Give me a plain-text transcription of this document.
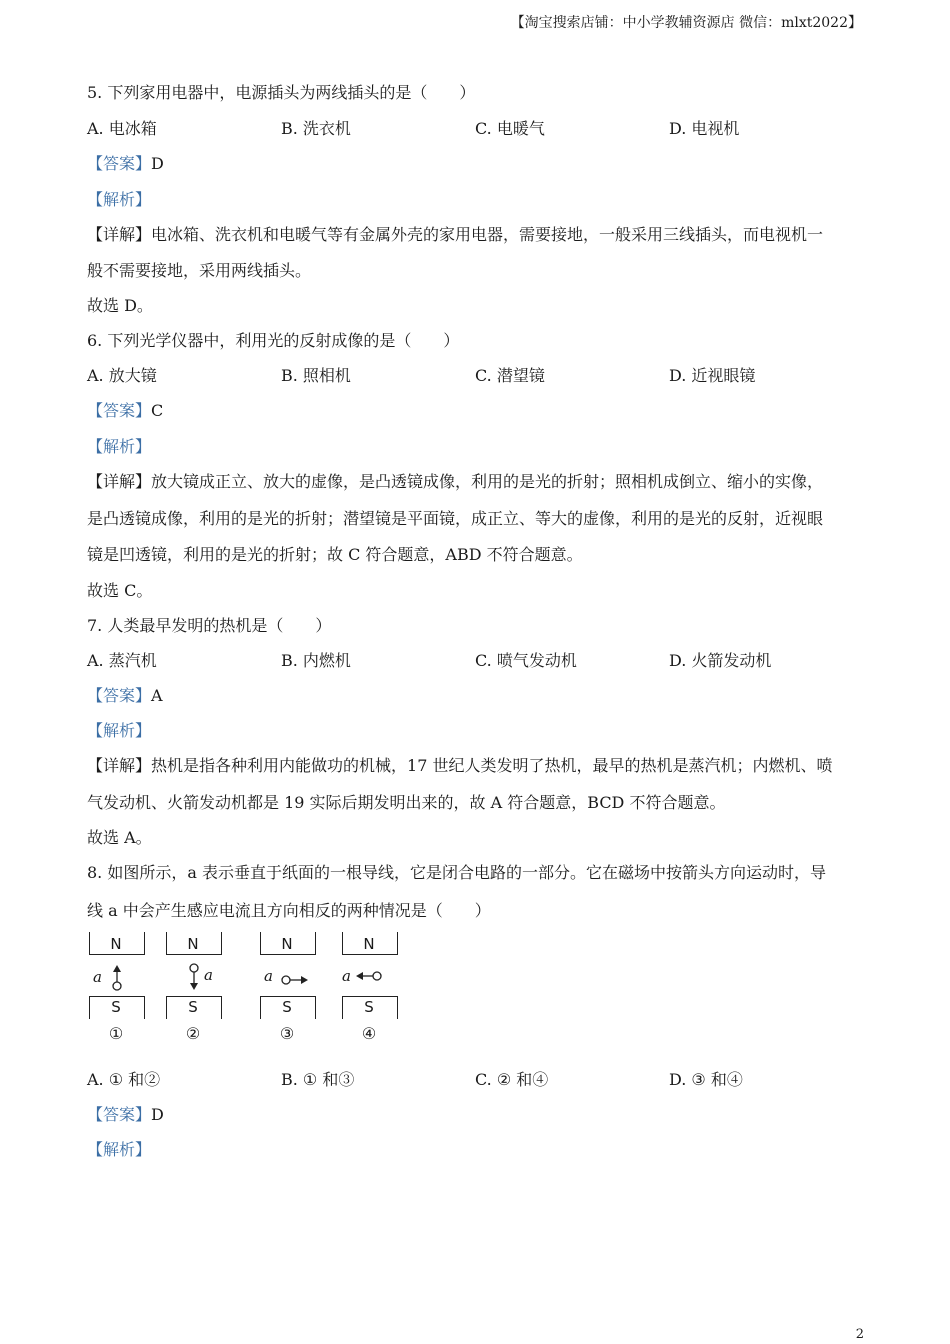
【淘宝搜索店铺：中小学教辅资源店 微信：mlxt2022】
5. 下列家用电器中，电源插头为两线插头的是（　　）
A. 电冰箱	B. 洗衣机	C. 电暖气	D. 电视机
【答案】D
【解析】
【详解】电冰箱、洗衣机和电暖气等有金属外壳的家用电器，需要接地，一般采用三线插头，而电视机一
般不需要接地，采用两线插头。
故选 D。
6. 下列光学仪器中，利用光的反射成像的是（　　）
A. 放大镜	B. 照相机	C. 潜望镜	D. 近视眼镜
【答案】C
【解析】
【详解】放大镜成正立、放大的虚像，是凸透镜成像，利用的是光的折射；照相机成倒立、缩小的实像，
是凸透镜成像，利用的是光的折射；潜望镜是平面镜，成正立、等大的虚像，利用的是光的反射，近视眼
镜是凹透镜，利用的是光的折射；故 C 符合题意，ABD 不符合题意。
故选 C。
7. 人类最早发明的热机是（　　）
A. 蒸汽机	B. 内燃机	C. 喷气发动机	D. 火箭发动机
【答案】A
【解析】
【详解】热机是指各种利用内能做功的机械，17 世纪人类发明了热机，最早的热机是蒸汽机；内燃机、喷
气发动机、火箭发动机都是 19 实际后期发明出来的，故 A 符合题意，BCD 不符合题意。
故选 A。
8. 如图所示，a 表示垂直于纸面的一根导线，它是闭合电路的一部分。它在磁场中按箭头方向运动时，导
线 a 中会产生感应电流且方向相反的两种情况是（　　）
N
a
S
①
N
a
S
②
N
a
S
③
N
a
S
④
A. ① 和②	B. ① 和③	C. ② 和④	D. ③ 和④
【答案】D
【解析】
2
